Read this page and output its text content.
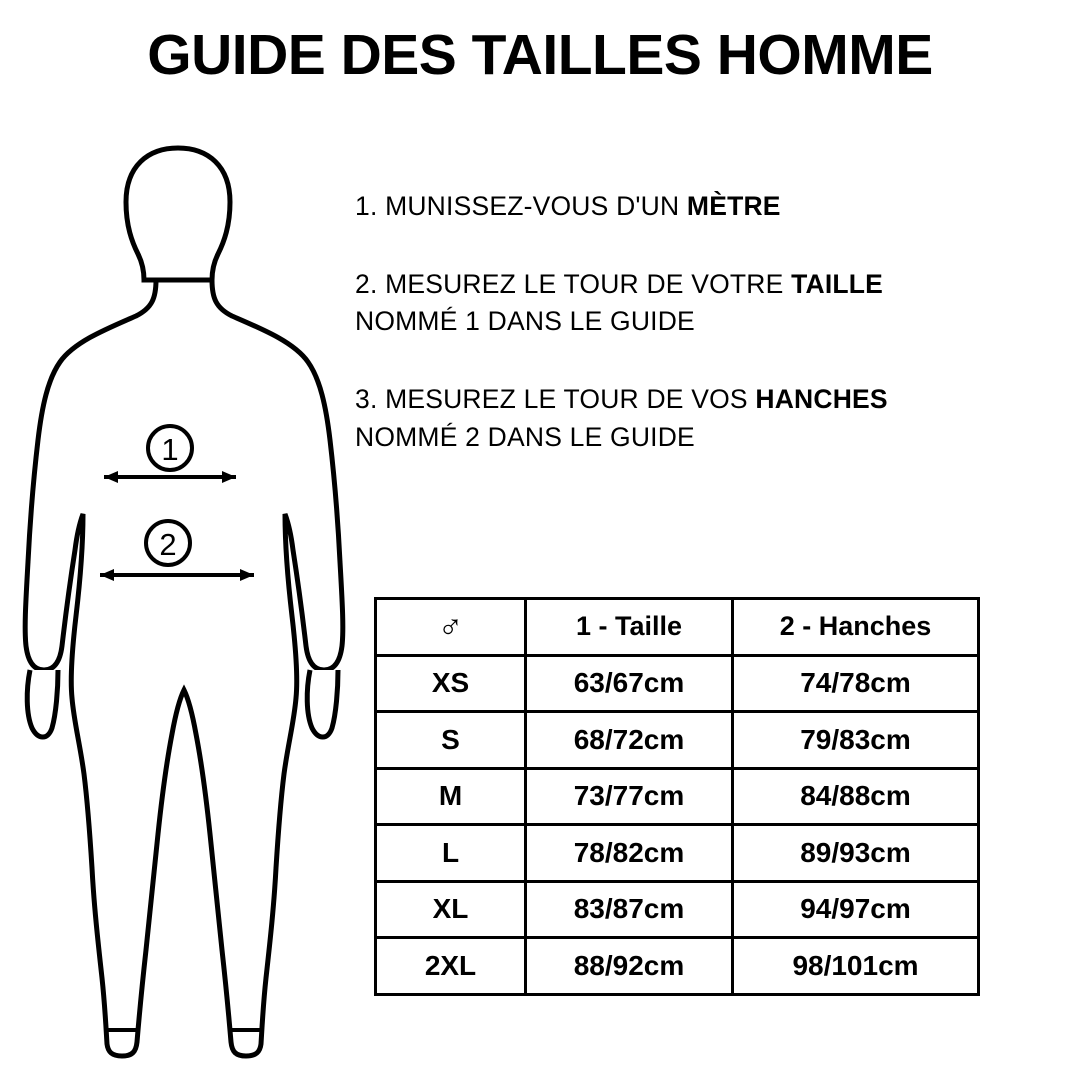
GUIDE DES TAILLES HOMME
1
2
1. MUNISSEZ-VOUS D'UN MÈTRE
2. MESUREZ LE TOUR DE VOTRE TAILLE
NOMMÉ 1 DANS LE GUIDE
3. MESUREZ LE TOUR DE VOS HANCHES
NOMMÉ 2 DANS LE GUIDE
♂	1 - Taille	2 - Hanches
XS	63/67cm	74/78cm
S	68/72cm	79/83cm
M	73/77cm	84/88cm
L	78/82cm	89/93cm
XL	83/87cm	94/97cm
2XL	88/92cm	98/101cm
